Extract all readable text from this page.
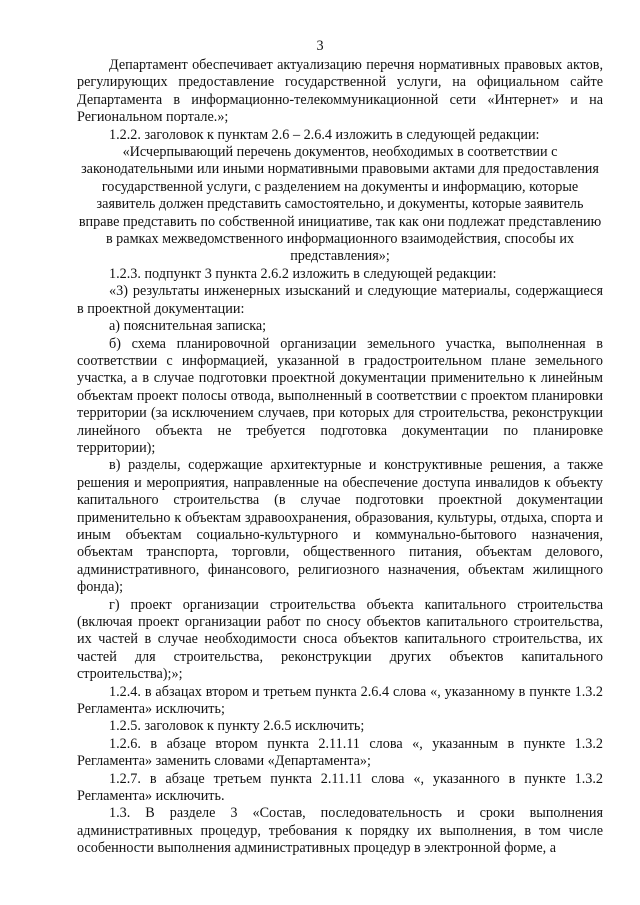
3

Департамент обеспечивает актуализацию перечня нормативных правовых актов, регулирующих предоставление государственной услуги, на официальном сайте Департамента в информационно-телекоммуникационной сети «Интернет» и на Региональном портале.»;

1.2.2. заголовок к пунктам 2.6 – 2.6.4 изложить в следующей редакции:

«Исчерпывающий перечень документов, необходимых в соответствии с законодательными или иными нормативными правовыми актами для предоставления государственной услуги, с разделением на документы и информацию, которые заявитель должен представить самостоятельно, и документы, которые заявитель вправе представить по собственной инициативе, так как они подлежат представлению в рамках межведомственного информационного взаимодействия, способы их представления»;

1.2.3. подпункт 3 пункта 2.6.2 изложить в следующей редакции:

«3) результаты инженерных изысканий и следующие материалы, содержащиеся в проектной документации:

а) пояснительная записка;

б) схема планировочной организации земельного участка, выполненная в соответствии с информацией, указанной в градостроительном плане земельного участка, а в случае подготовки проектной документации применительно к линейным объектам проект полосы отвода, выполненный в соответствии с проектом планировки территории (за исключением случаев, при которых для строительства, реконструкции линейного объекта не требуется подготовка документации по планировке территории);

в) разделы, содержащие архитектурные и конструктивные решения, а также решения и мероприятия, направленные на обеспечение доступа инвалидов к объекту капитального строительства (в случае подготовки проектной документации применительно к объектам здравоохранения, образования, культуры, отдыха, спорта и иным объектам социально-культурного и коммунально-бытового назначения, объектам транспорта, торговли, общественного питания, объектам делового, административного, финансового, религиозного назначения, объектам жилищного фонда);

г) проект организации строительства объекта капитального строительства (включая проект организации работ по сносу объектов капитального строительства, их частей в случае необходимости сноса объектов капитального строительства, их частей для строительства, реконструкции других объектов капитального строительства);»;

1.2.4. в абзацах втором и третьем пункта 2.6.4 слова «, указанному в пункте 1.3.2 Регламента» исключить;

1.2.5. заголовок к пункту 2.6.5 исключить;

1.2.6. в абзаце втором пункта 2.11.11 слова «, указанным в пункте 1.3.2 Регламента» заменить словами «Департамента»;

1.2.7. в абзаце третьем пункта 2.11.11 слова «, указанного в пункте 1.3.2 Регламента» исключить.

1.3. В разделе 3 «Состав, последовательность и сроки выполнения административных процедур, требования к порядку их выполнения, в том числе особенности выполнения административных процедур в электронной форме, а
